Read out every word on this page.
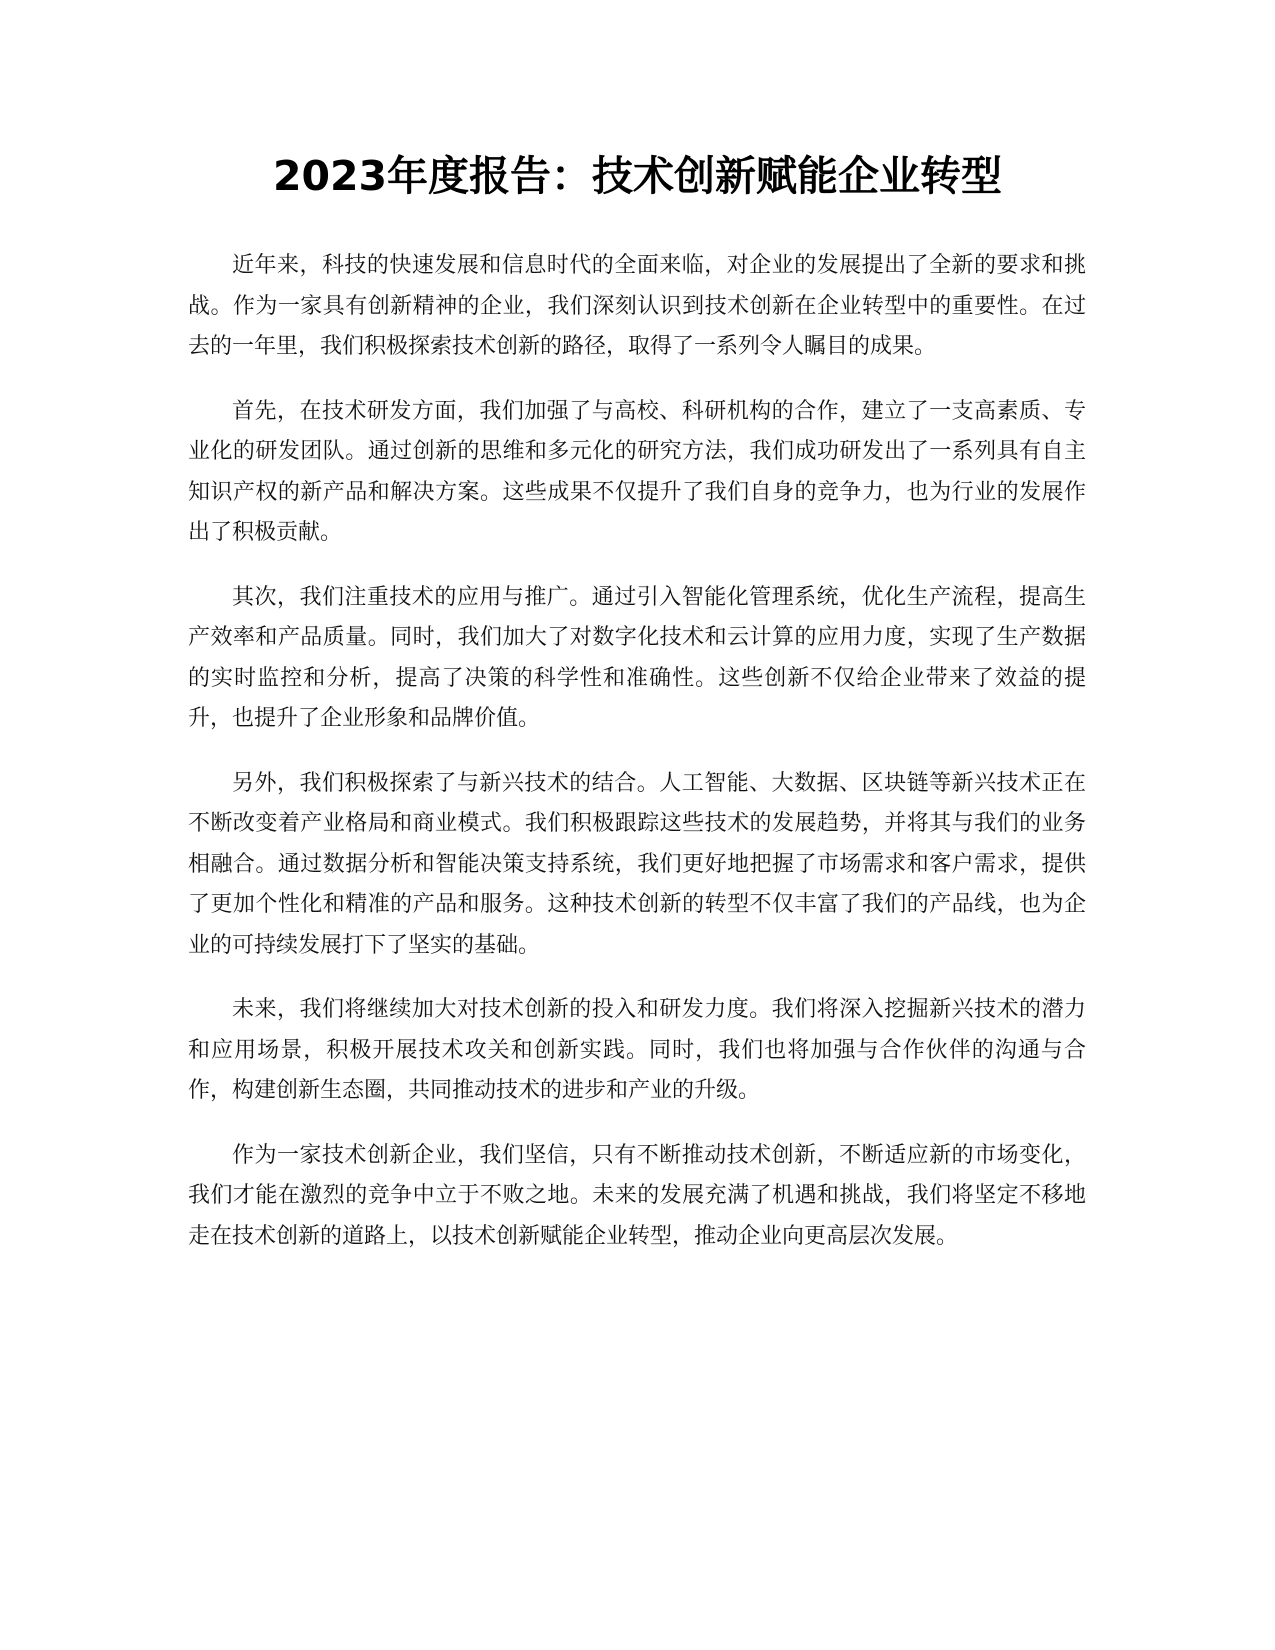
2023年度报告：技术创新赋能企业转型

近年来，科技的快速发展和信息时代的全面来临，对企业的发展提出了全新的要求和挑战。作为一家具有创新精神的企业，我们深刻认识到技术创新在企业转型中的重要性。在过去的一年里，我们积极探索技术创新的路径，取得了一系列令人瞩目的成果。

首先，在技术研发方面，我们加强了与高校、科研机构的合作，建立了一支高素质、专业化的研发团队。通过创新的思维和多元化的研究方法，我们成功研发出了一系列具有自主知识产权的新产品和解决方案。这些成果不仅提升了我们自身的竞争力，也为行业的发展作出了积极贡献。

其次，我们注重技术的应用与推广。通过引入智能化管理系统，优化生产流程，提高生产效率和产品质量。同时，我们加大了对数字化技术和云计算的应用力度，实现了生产数据的实时监控和分析，提高了决策的科学性和准确性。这些创新不仅给企业带来了效益的提升，也提升了企业形象和品牌价值。

另外，我们积极探索了与新兴技术的结合。人工智能、大数据、区块链等新兴技术正在不断改变着产业格局和商业模式。我们积极跟踪这些技术的发展趋势，并将其与我们的业务相融合。通过数据分析和智能决策支持系统，我们更好地把握了市场需求和客户需求，提供了更加个性化和精准的产品和服务。这种技术创新的转型不仅丰富了我们的产品线，也为企业的可持续发展打下了坚实的基础。

未来，我们将继续加大对技术创新的投入和研发力度。我们将深入挖掘新兴技术的潜力和应用场景，积极开展技术攻关和创新实践。同时，我们也将加强与合作伙伴的沟通与合作，构建创新生态圈，共同推动技术的进步和产业的升级。

作为一家技术创新企业，我们坚信，只有不断推动技术创新，不断适应新的市场变化，我们才能在激烈的竞争中立于不败之地。未来的发展充满了机遇和挑战，我们将坚定不移地走在技术创新的道路上，以技术创新赋能企业转型，推动企业向更高层次发展。
